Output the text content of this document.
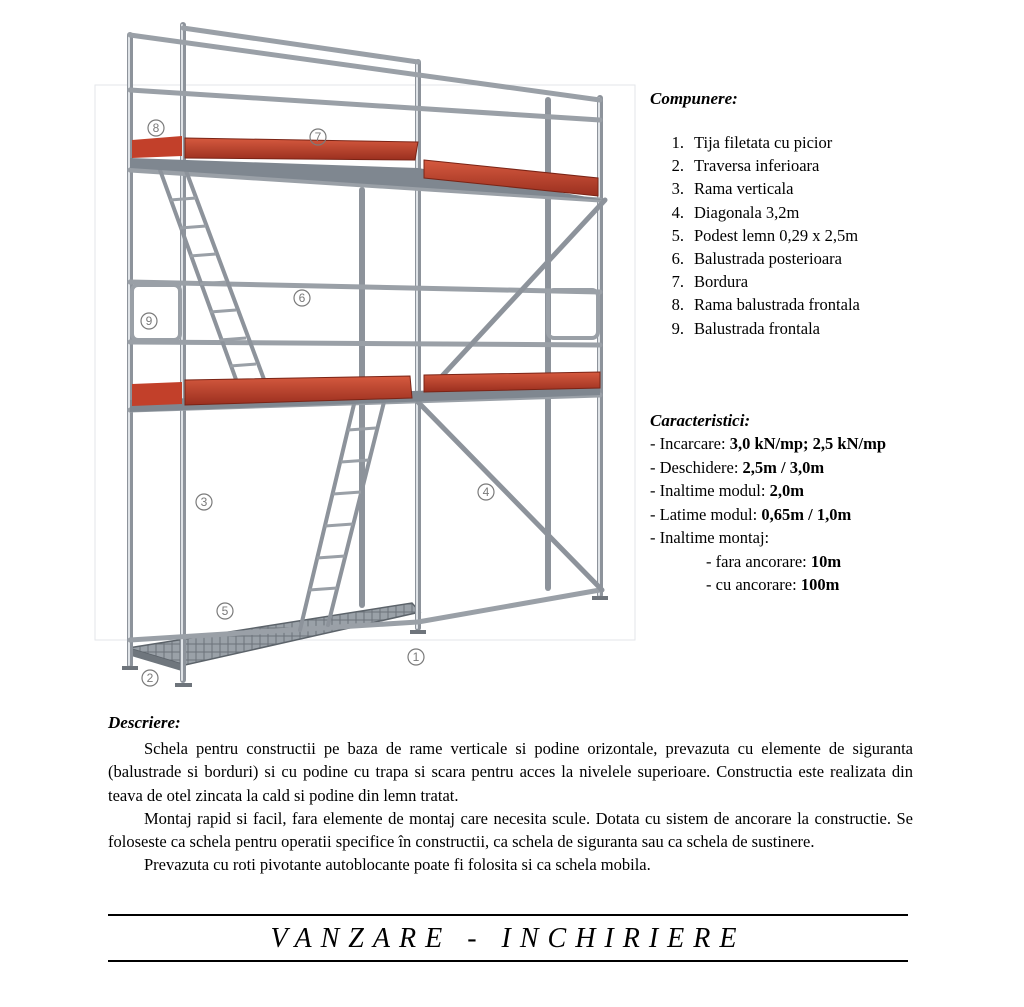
1
2
3
4
5
6
7
8
9
Compunere:
1. Tija filetata cu picior
2. Traversa inferioara
3. Rama verticala
4. Diagonala 3,2m
5. Podest lemn 0,29 x 2,5m
6. Balustrada posterioara
7. Bordura
8. Rama balustrada frontala
9. Balustrada frontala
Caracteristici:
- Incarcare: 3,0 kN/mp; 2,5 kN/mp
- Deschidere: 2,5m / 3,0m
- Inaltime modul: 2,0m
- Latime modul: 0,65m / 1,0m
- Inaltime montaj:
- fara ancorare: 10m
- cu ancorare: 100m
Descriere:

Schela pentru constructii pe baza de rame verticale si podine orizontale, prevazuta cu elemente de siguranta (balustrade si borduri) si cu podine cu trapa si scara pentru acces la nivelele superioare. Constructia este realizata din teava de otel zincata la cald si podine din lemn tratat.

Montaj rapid si facil, fara elemente de montaj care necesita scule. Dotata cu sistem de ancorare la constructie. Se foloseste ca schela pentru operatii specifice în constructii, ca schela de siguranta sau ca schela de sustinere.

Prevazuta cu roti pivotante autoblocante poate fi folosita si ca schela mobila.

VANZARE - INCHIRIERE
